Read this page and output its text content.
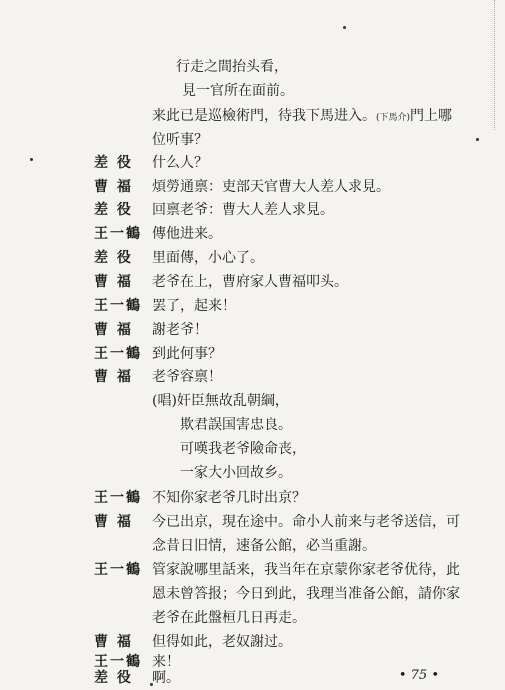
行走之間抬头看，
見一官所在面前。
来此已是巡檢術門，待我下馬进入。(下馬介)門上哪
位听事？
差 役 什么人？
曹 福 煩勞通禀：吏部天官曹大人差人求見。
差 役 回禀老爷：曹大人差人求見。
王一鶴 傳他进来。
差 役 里面傳，小心了。
曹 福 老爷在上，曹府家人曹福叩头。
王一鶴 罢了，起来！
曹 福 謝老爷！
王一鶴 到此何事？
曹 福 老爷容禀！
(唱)奸臣無故乱朝綱，
欺君誤国害忠良。
可嘆我老爷險命丧，
一家大小回故乡。
王一鶴 不知你家老爷几时出京？
曹 福 今已出京，現在途中。命小人前来与老爷送信，可
念昔日旧情，速备公館，必当重謝。
王一鶴 管家說哪里話来，我当年在京蒙你家老爷优待，此
恩未曾答报；今日到此，我理当准备公館，請你家
老爷在此盤桓几日再走。
曹 福 但得如此，老奴謝过。
王一鶴 来！
差 役 啊。	• 75 •
